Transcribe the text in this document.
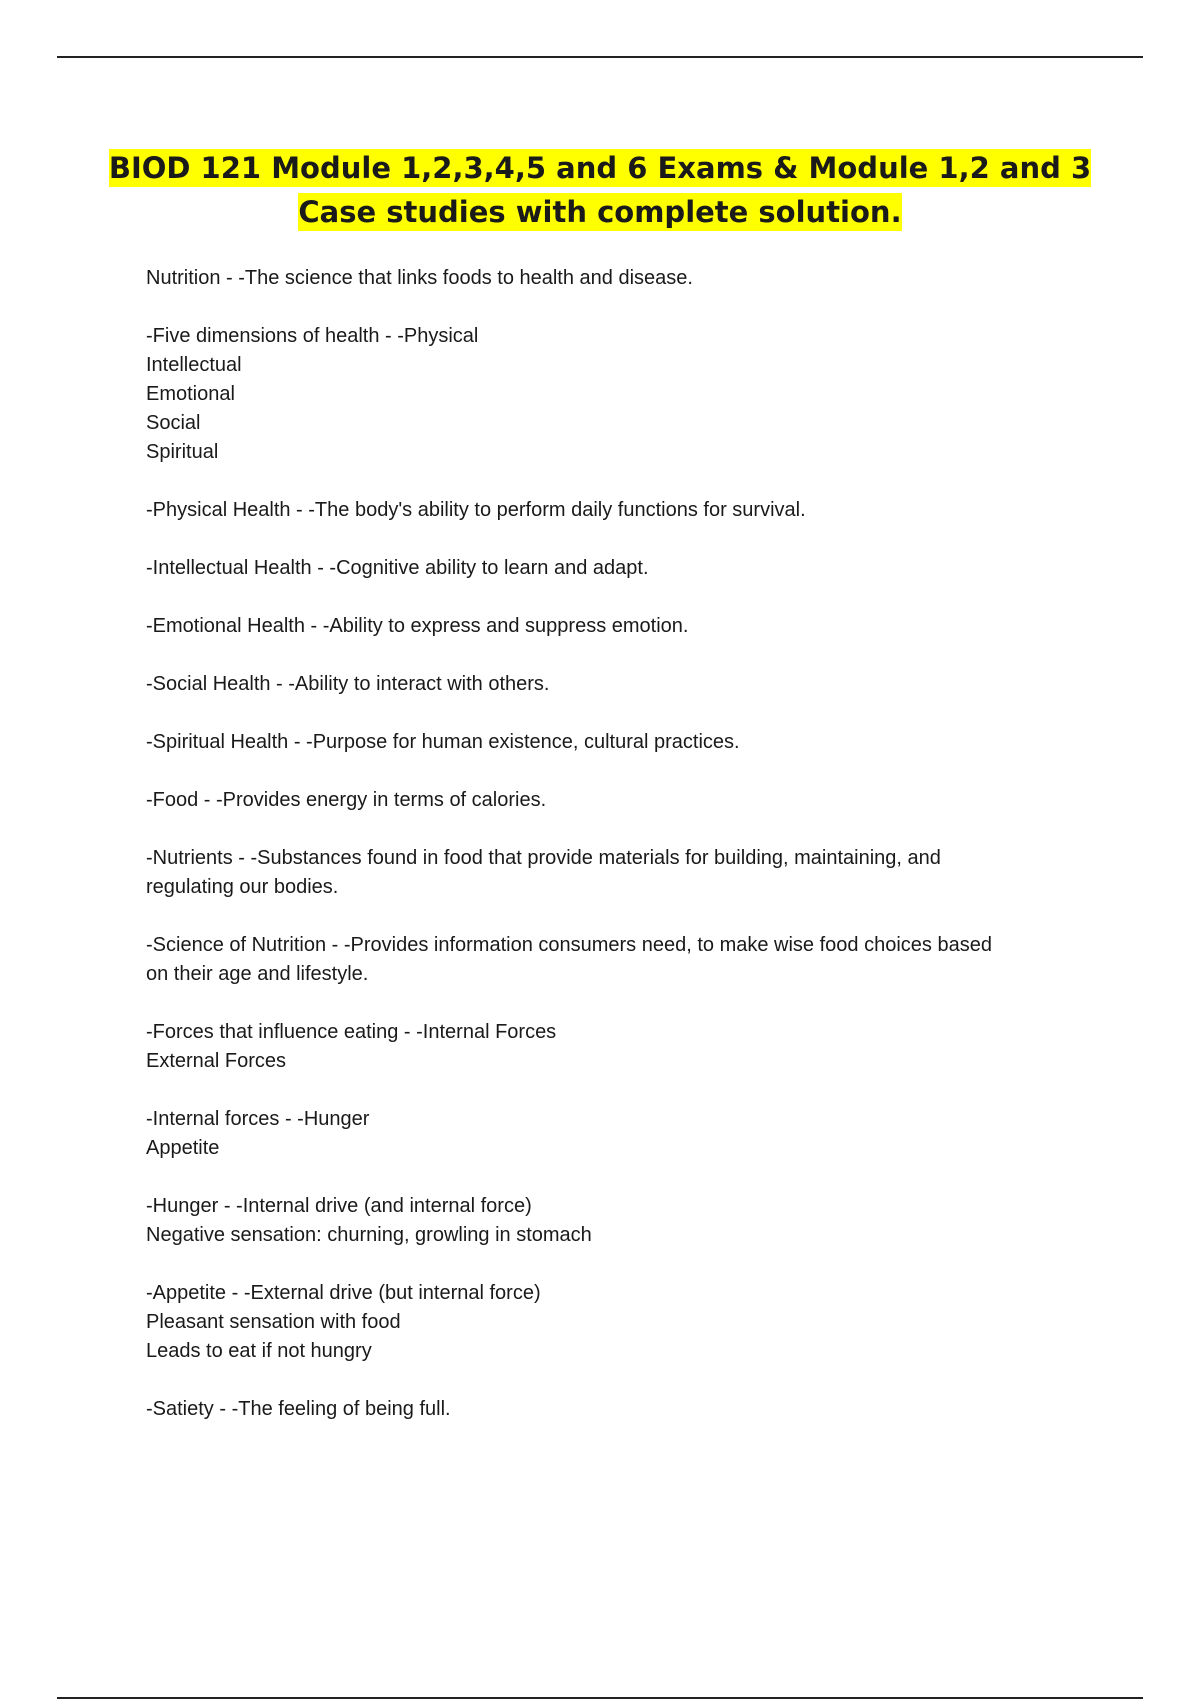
BIOD 121 Module 1,2,3,4,5 and 6 Exams & Module 1,2 and 3
Case studies with complete solution.
Nutrition - -The science that links foods to health and disease.
-Five dimensions of health - -Physical
Intellectual
Emotional
Social
Spiritual
-Physical Health - -The body's ability to perform daily functions for survival.
-Intellectual Health - -Cognitive ability to learn and adapt.
-Emotional Health - -Ability to express and suppress emotion.
-Social Health - -Ability to interact with others.
-Spiritual Health - -Purpose for human existence, cultural practices.
-Food - -Provides energy in terms of calories.
-Nutrients - -Substances found in food that provide materials for building, maintaining, and
regulating our bodies.
-Science of Nutrition - -Provides information consumers need, to make wise food choices based
on their age and lifestyle.
-Forces that influence eating - -Internal Forces
External Forces
-Internal forces - -Hunger
Appetite
-Hunger - -Internal drive (and internal force)
Negative sensation: churning, growling in stomach
-Appetite - -External drive (but internal force)
Pleasant sensation with food
Leads to eat if not hungry
-Satiety - -The feeling of being full.
